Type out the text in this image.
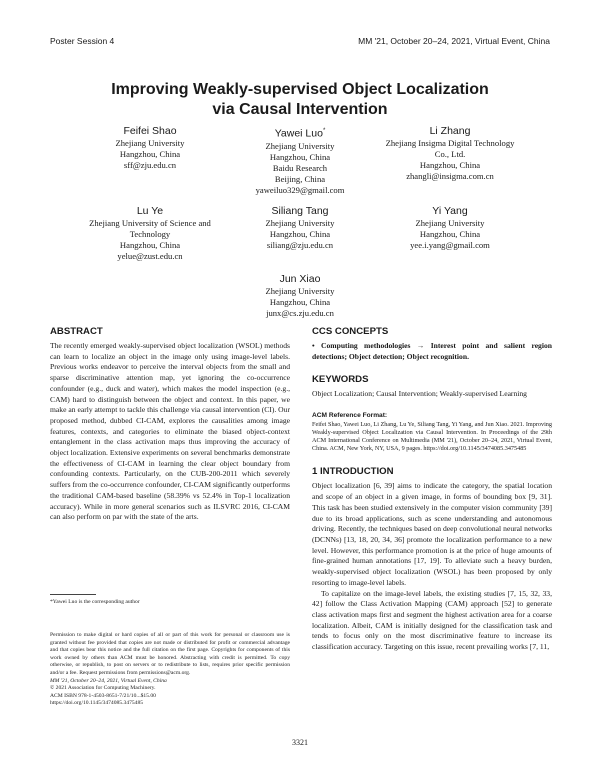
Poster Session 4	MM '21, October 20–24, 2021, Virtual Event, China
Improving Weakly-supervised Object Localization
via Causal Intervention
Feifei Shao
Zhejiang University
Hangzhou, China
sff@zju.edu.cn
Yawei Luo*
Zhejiang University
Hangzhou, China
Baidu Research
Beijing, China
yaweiluo329@gmail.com
Li Zhang
Zhejiang Insigma Digital Technology
Co., Ltd.
Hangzhou, China
zhangli@insigma.com.cn
Lu Ye
Zhejiang University of Science and
Technology
Hangzhou, China
yelue@zust.edu.cn
Siliang Tang
Zhejiang University
Hangzhou, China
siliang@zju.edu.cn
Yi Yang
Zhejiang University
Hangzhou, China
yee.i.yang@gmail.com
Jun Xiao
Zhejiang University
Hangzhou, China
junx@cs.zju.edu.cn
ABSTRACT
The recently emerged weakly-supervised object localization (WSOL) methods can learn to localize an object in the image only using image-level labels. Previous works endeavor to perceive the interval objects from the small and sparse discriminative attention map, yet ignoring the co-occurrence confounder (e.g., duck and water), which makes the model inspection (e.g., CAM) hard to distinguish between the object and context. In this paper, we make an early attempt to tackle this challenge via causal intervention (CI). Our proposed method, dubbed CI-CAM, explores the causalities among image features, contexts, and categories to eliminate the biased object-context entanglement in the class activation maps thus improving the accuracy of object localization. Extensive experiments on several benchmarks demonstrate the effectiveness of CI-CAM in learning the clear object boundary from confounding contexts. Particularly, on the CUB-200-2011 which severely suffers from the co-occurrence confounder, CI-CAM significantly outperforms the traditional CAM-based baseline (58.39% vs 52.4% in Top-1 localization accuracy). While in more general scenarios such as ILSVRC 2016, CI-CAM can also perform on par with the state of the arts.
*Yawei Luo is the corresponding author
Permission to make digital or hard copies of all or part of this work for personal or classroom use is granted without fee provided that copies are not made or distributed for profit or commercial advantage and that copies bear this notice and the full citation on the first page. Copyrights for components of this work owned by others than ACM must be honored. Abstracting with credit is permitted. To copy otherwise, or republish, to post on servers or to redistribute to lists, requires prior specific permission and/or a fee. Request permissions from permissions@acm.org.
MM '21, October 20–24, 2021, Virtual Event, China
© 2021 Association for Computing Machinery.
ACM ISBN 978-1-4503-8651-7/21/10...$15.00
https://doi.org/10.1145/3474085.3475485
CCS CONCEPTS
• Computing methodologies → Interest point and salient region detections; Object detection; Object recognition.
KEYWORDS
Object Localization; Causal Intervention; Weakly-supervised Learning
ACM Reference Format:
Feifei Shao, Yawei Luo, Li Zhang, Lu Ye, Siliang Tang, Yi Yang, and Jun Xiao. 2021. Improving Weakly-supervised Object Localization via Causal Intervention. In Proceedings of the 29th ACM International Conference on Multimedia (MM '21), October 20–24, 2021, Virtual Event, China. ACM, New York, NY, USA, 9 pages. https://doi.org/10.1145/3474085.3475485
1 INTRODUCTION
Object localization [6, 39] aims to indicate the category, the spatial location and scope of an object in a given image, in forms of bounding box [9, 31]. This task has been studied extensively in the computer vision community [39] due to its broad applications, such as scene understanding and autonomous driving. Recently, the techniques based on deep convolutional neural networks (DCNNs) [13, 18, 20, 34, 36] promote the localization performance to a new level. However, this performance promotion is at the price of huge amounts of fine-grained human annotations [17, 19]. To alleviate such a heavy burden, weakly-supervised object localization (WSOL) has been proposed by only resorting to image-level labels.
To capitalize on the image-level labels, the existing studies [7, 15, 32, 33, 42] follow the Class Activation Mapping (CAM) approach [52] to generate class activation maps first and segment the highest activation area for a coarse localization. Albeit, CAM is initially designed for the classification task and tends to focus only on the most discriminative feature to increase its classification accuracy. Targeting on this issue, recent prevailing works [7, 11,
3321
